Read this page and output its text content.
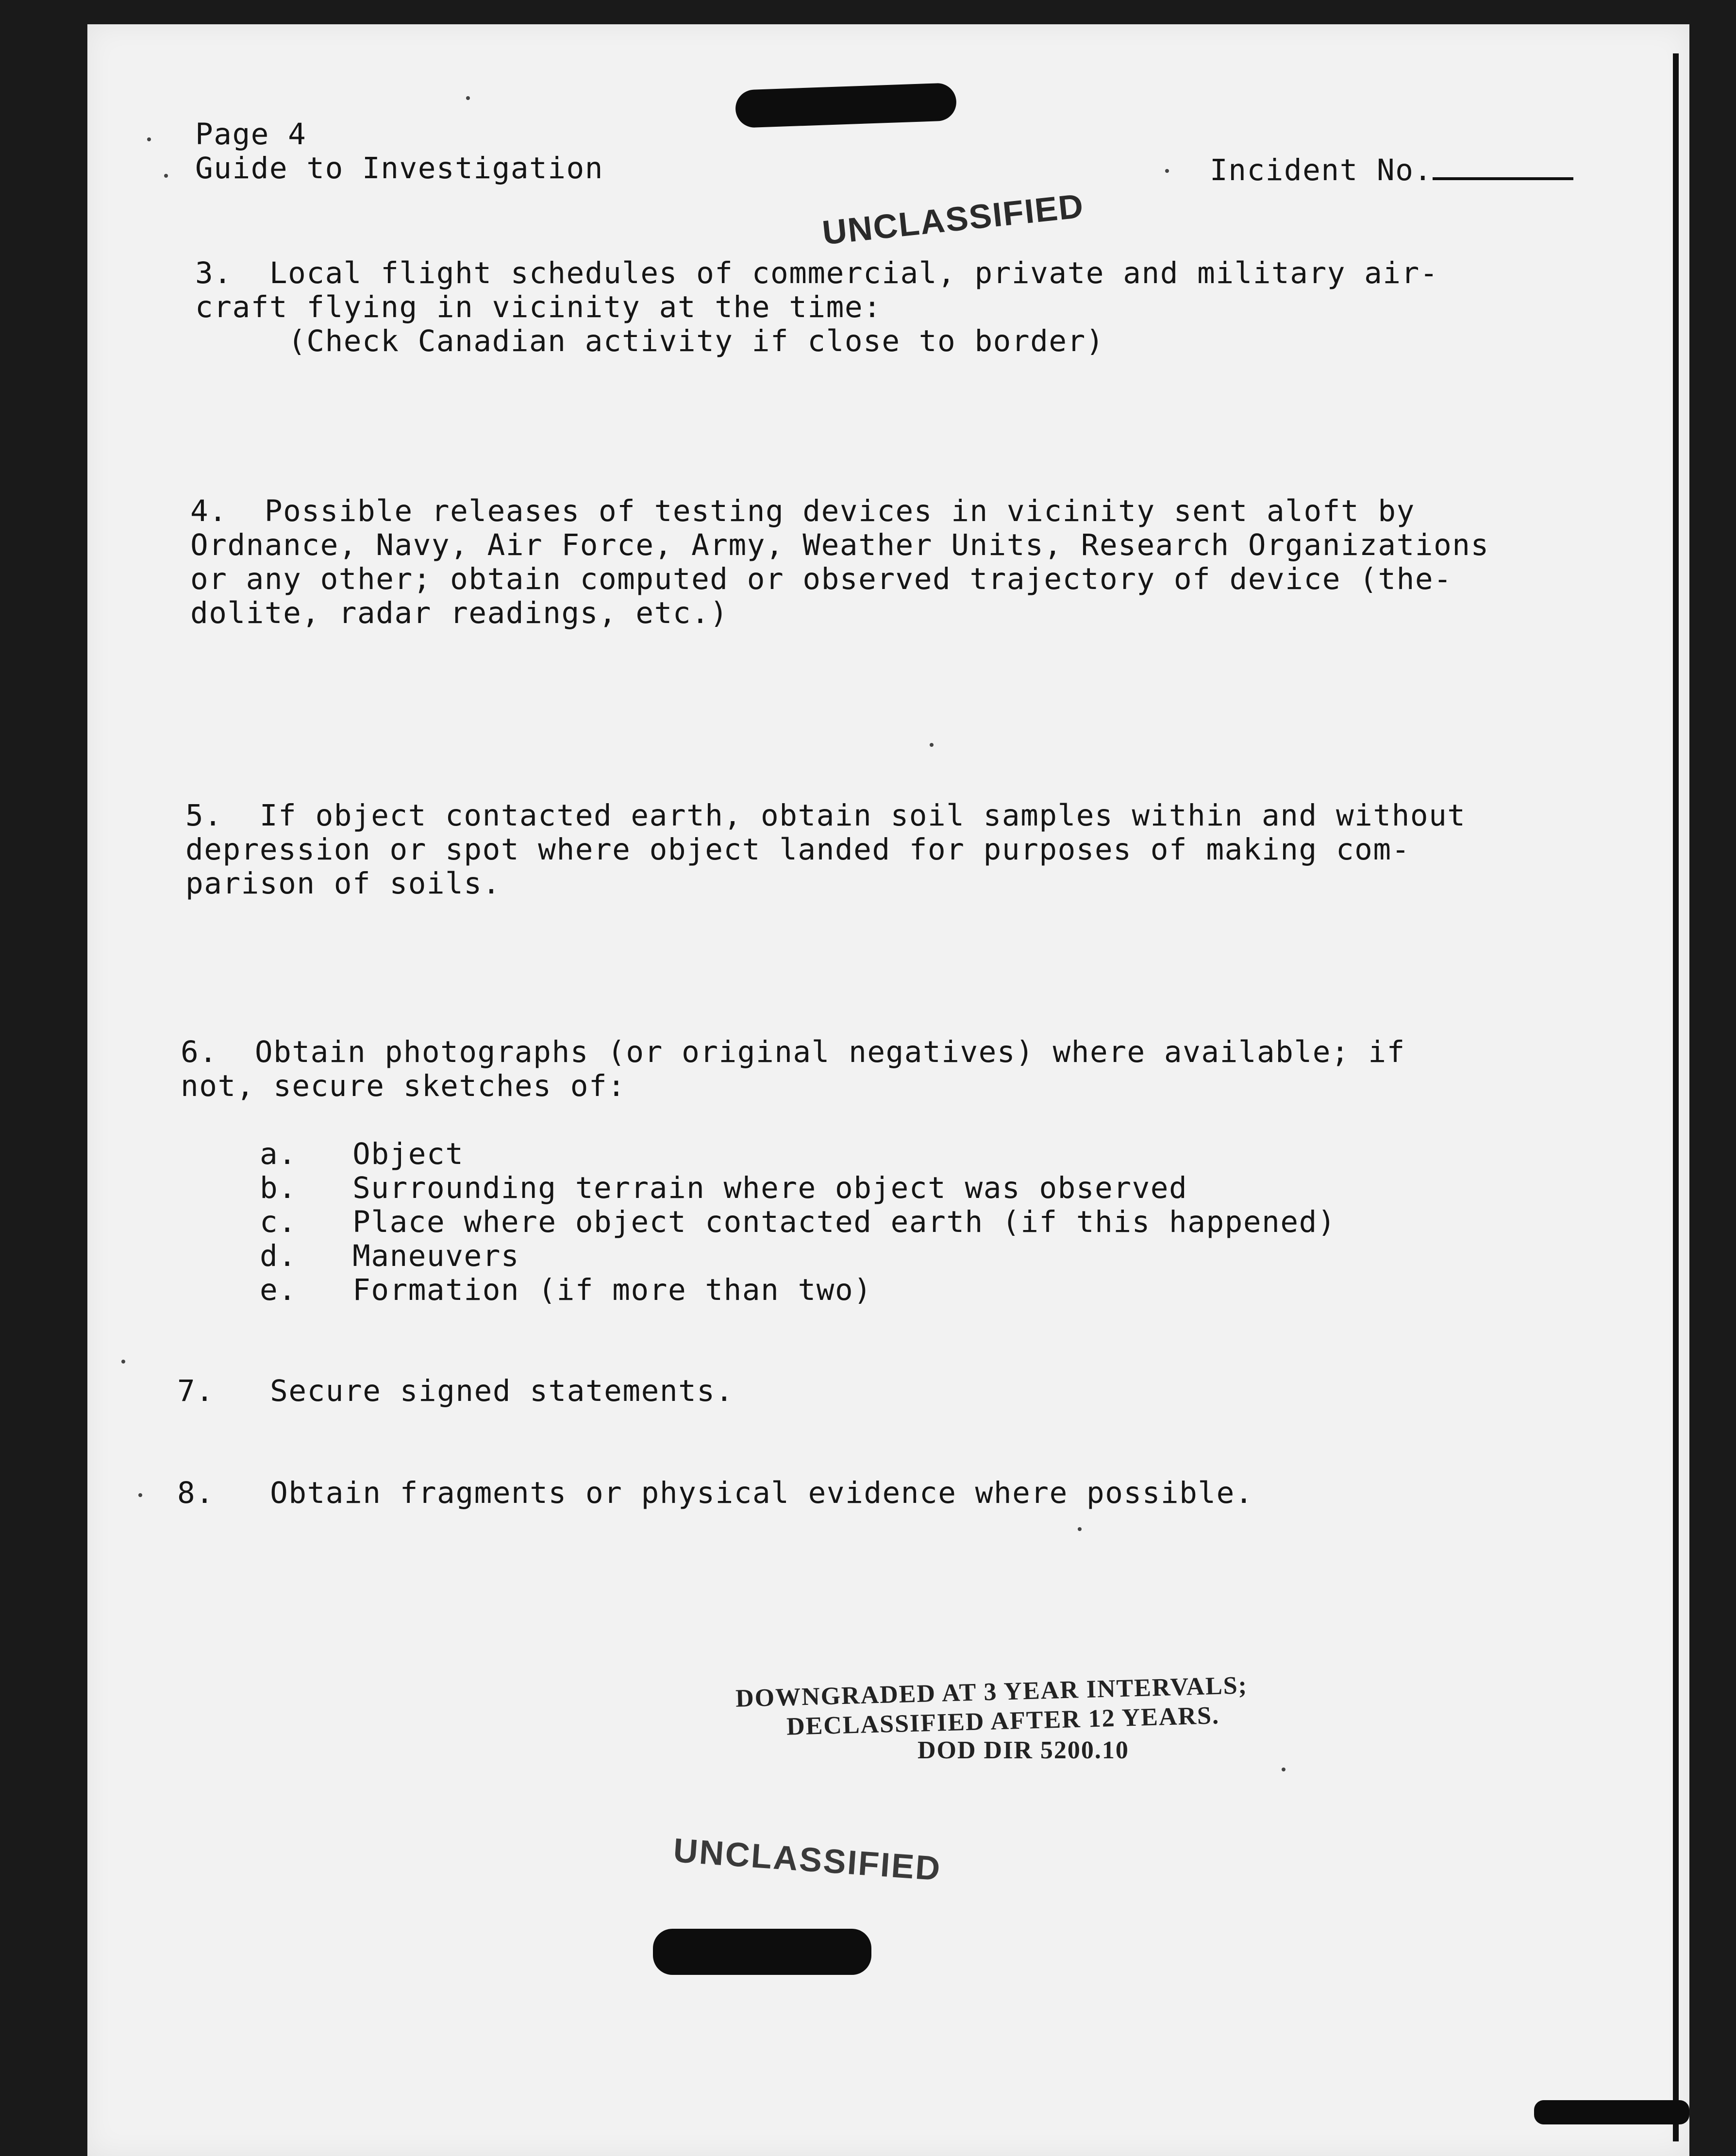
Page 4

Guide to Investigation	Incident No.

UNCLASSIFIED

3.  Local flight schedules of commercial, private and military air-

craft flying in vicinity at the time:

(Check Canadian activity if close to border)

4.  Possible releases of testing devices in vicinity sent aloft by

Ordnance, Navy, Air Force, Army, Weather Units, Research Organizations

or any other; obtain computed or observed trajectory of device (the-

dolite, radar readings, etc.)

5.  If object contacted earth, obtain soil samples within and without

depression or spot where object landed for purposes of making com-

parison of soils.

6.  Obtain photographs (or original negatives) where available; if

not, secure sketches of:

a.   Object

b.   Surrounding terrain where object was observed

c.   Place where object contacted earth (if this happened)

d.   Maneuvers

e.   Formation (if more than two)

7.   Secure signed statements.

8.   Obtain fragments or physical evidence where possible.

DOWNGRADED AT 3 YEAR INTERVALS;

DECLASSIFIED AFTER 12 YEARS.

DOD DIR 5200.10

UNCLASSIFIED
